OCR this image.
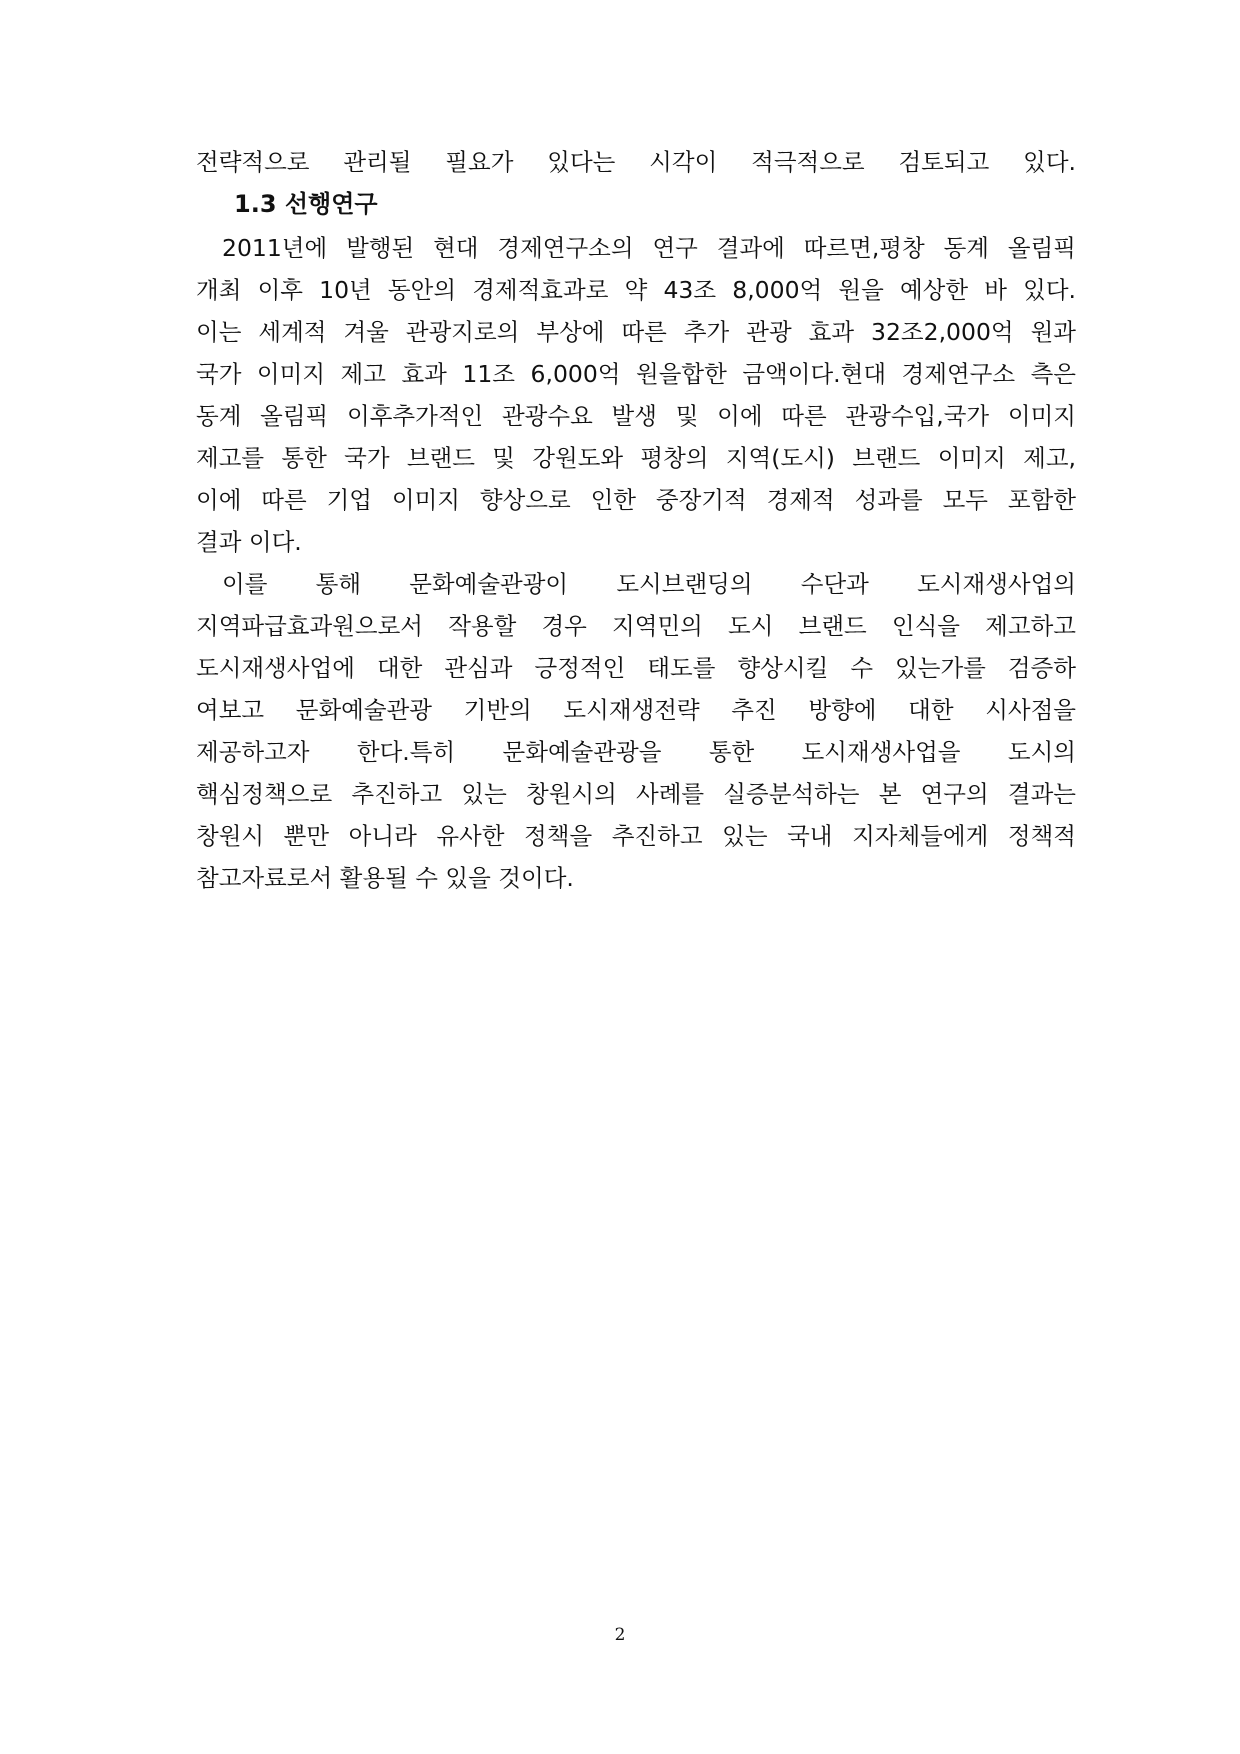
전략적으로 관리될 필요가 있다는 시각이 적극적으로 검토되고 있다.
1.3 선행연구
2011년에 발행된 현대 경제연구소의 연구 결과에 따르면,평창 동계 올림픽
개최 이후 10년 동안의 경제적효과로 약 43조 8,000억 원을 예상한 바 있다.
이는 세계적 겨울 관광지로의 부상에 따른 추가 관광 효과 32조2,000억 원과
국가 이미지 제고 효과 11조 6,000억 원을합한 금액이다.현대 경제연구소 측은
동계 올림픽 이후추가적인 관광수요 발생 및 이에 따른 관광수입,국가 이미지
제고를 통한 국가 브랜드 및 강원도와 평창의 지역(도시) 브랜드 이미지 제고,
이에 따른 기업 이미지 향상으로 인한 중장기적 경제적 성과를 모두 포함한
결과 이다.
이를 통해 문화예술관광이 도시브랜딩의 수단과 도시재생사업의
지역파급효과원으로서 작용할 경우 지역민의 도시 브랜드 인식을 제고하고
도시재생사업에 대한 관심과 긍정적인 태도를 향상시킬 수 있는가를 검증하
여보고 문화예술관광 기반의 도시재생전략 추진 방향에 대한 시사점을
제공하고자 한다.특히 문화예술관광을 통한 도시재생사업을 도시의
핵심정책으로 추진하고 있는 창원시의 사례를 실증분석하는 본 연구의 결과는
창원시 뿐만 아니라 유사한 정책을 추진하고 있는 국내 지자체들에게 정책적
참고자료로서 활용될 수 있을 것이다.
2
